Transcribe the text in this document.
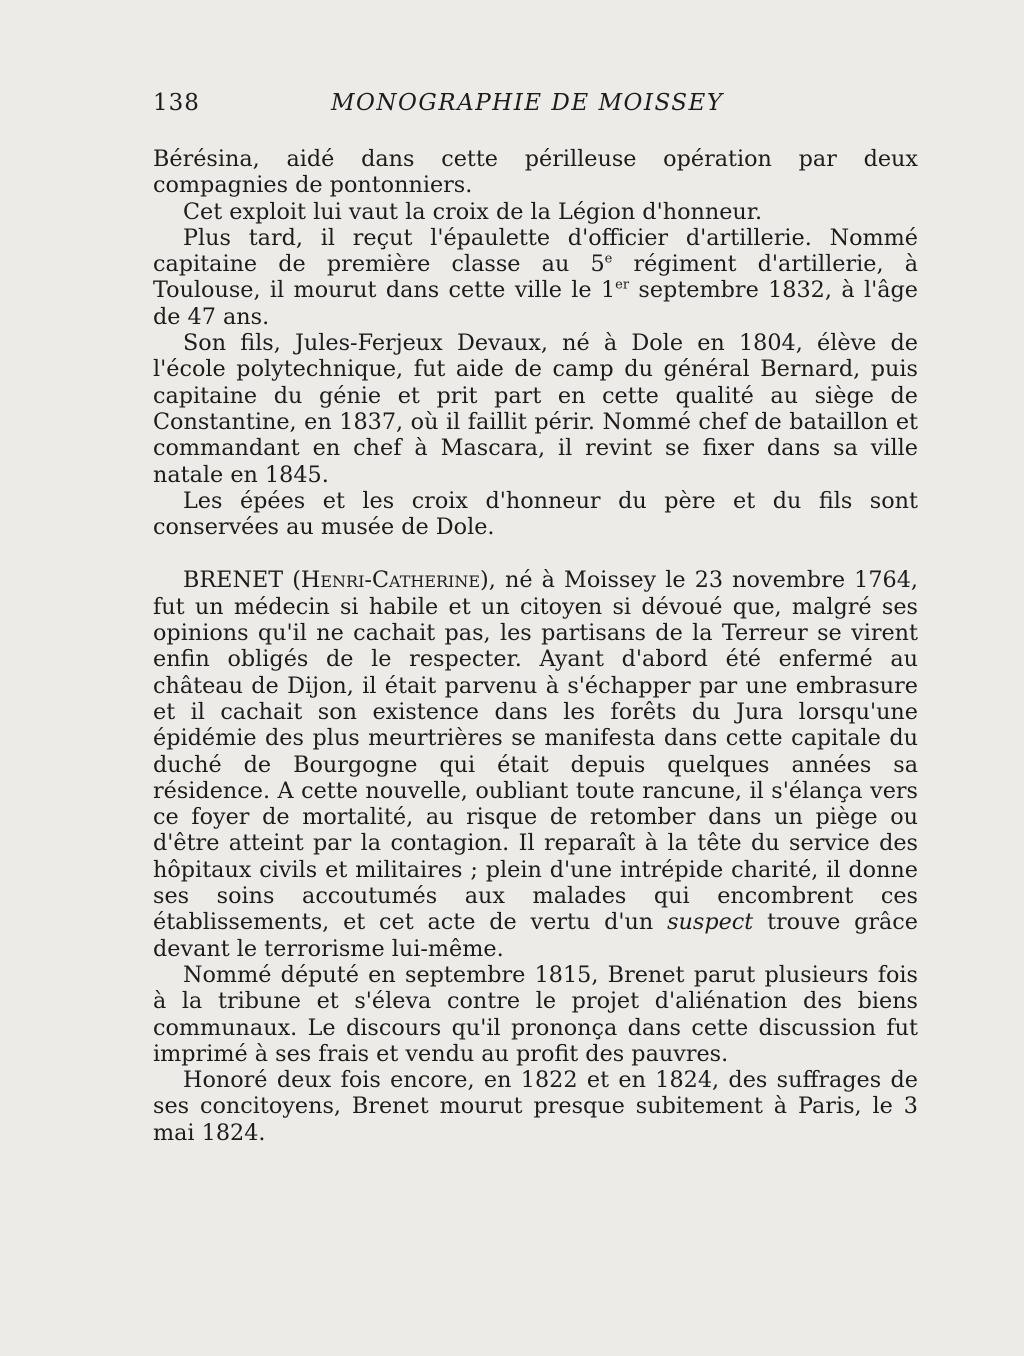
138	MONOGRAPHIE DE MOISSEY

Bérésina, aidé dans cette périlleuse opération par deux compagnies de pontonniers.

Cet exploit lui vaut la croix de la Légion d'honneur.

Plus tard, il reçut l'épaulette d'officier d'artillerie. Nommé capitaine de première classe au 5e régiment d'artillerie, à Toulouse, il mourut dans cette ville le 1er septembre 1832, à l'âge de 47 ans.

Son fils, Jules-Ferjeux Devaux, né à Dole en 1804, élève de l'école polytechnique, fut aide de camp du général Bernard, puis capitaine du génie et prit part en cette qualité au siège de Constantine, en 1837, où il faillit périr. Nommé chef de bataillon et commandant en chef à Mascara, il revint se fixer dans sa ville natale en 1845.

Les épées et les croix d'honneur du père et du fils sont conservées au musée de Dole.

BRENET (Henri-Catherine), né à Moissey le 23 novembre 1764, fut un médecin si habile et un citoyen si dévoué que, malgré ses opinions qu'il ne cachait pas, les partisans de la Terreur se virent enfin obligés de le respecter. Ayant d'abord été enfermé au château de Dijon, il était parvenu à s'échapper par une embrasure et il cachait son existence dans les forêts du Jura lorsqu'une épidémie des plus meurtrières se manifesta dans cette capitale du duché de Bourgogne qui était depuis quelques années sa résidence. A cette nouvelle, oubliant toute rancune, il s'élança vers ce foyer de mortalité, au risque de retomber dans un piège ou d'être atteint par la contagion. Il reparaît à la tête du service des hôpitaux civils et militaires ; plein d'une intrépide charité, il donne ses soins accoutumés aux malades qui encombrent ces établissements, et cet acte de vertu d'un suspect trouve grâce devant le terrorisme lui-même.

Nommé député en septembre 1815, Brenet parut plusieurs fois à la tribune et s'éleva contre le projet d'aliénation des biens communaux. Le discours qu'il prononça dans cette discussion fut imprimé à ses frais et vendu au profit des pauvres.

Honoré deux fois encore, en 1822 et en 1824, des suffrages de ses concitoyens, Brenet mourut presque subitement à Paris, le 3 mai 1824.
